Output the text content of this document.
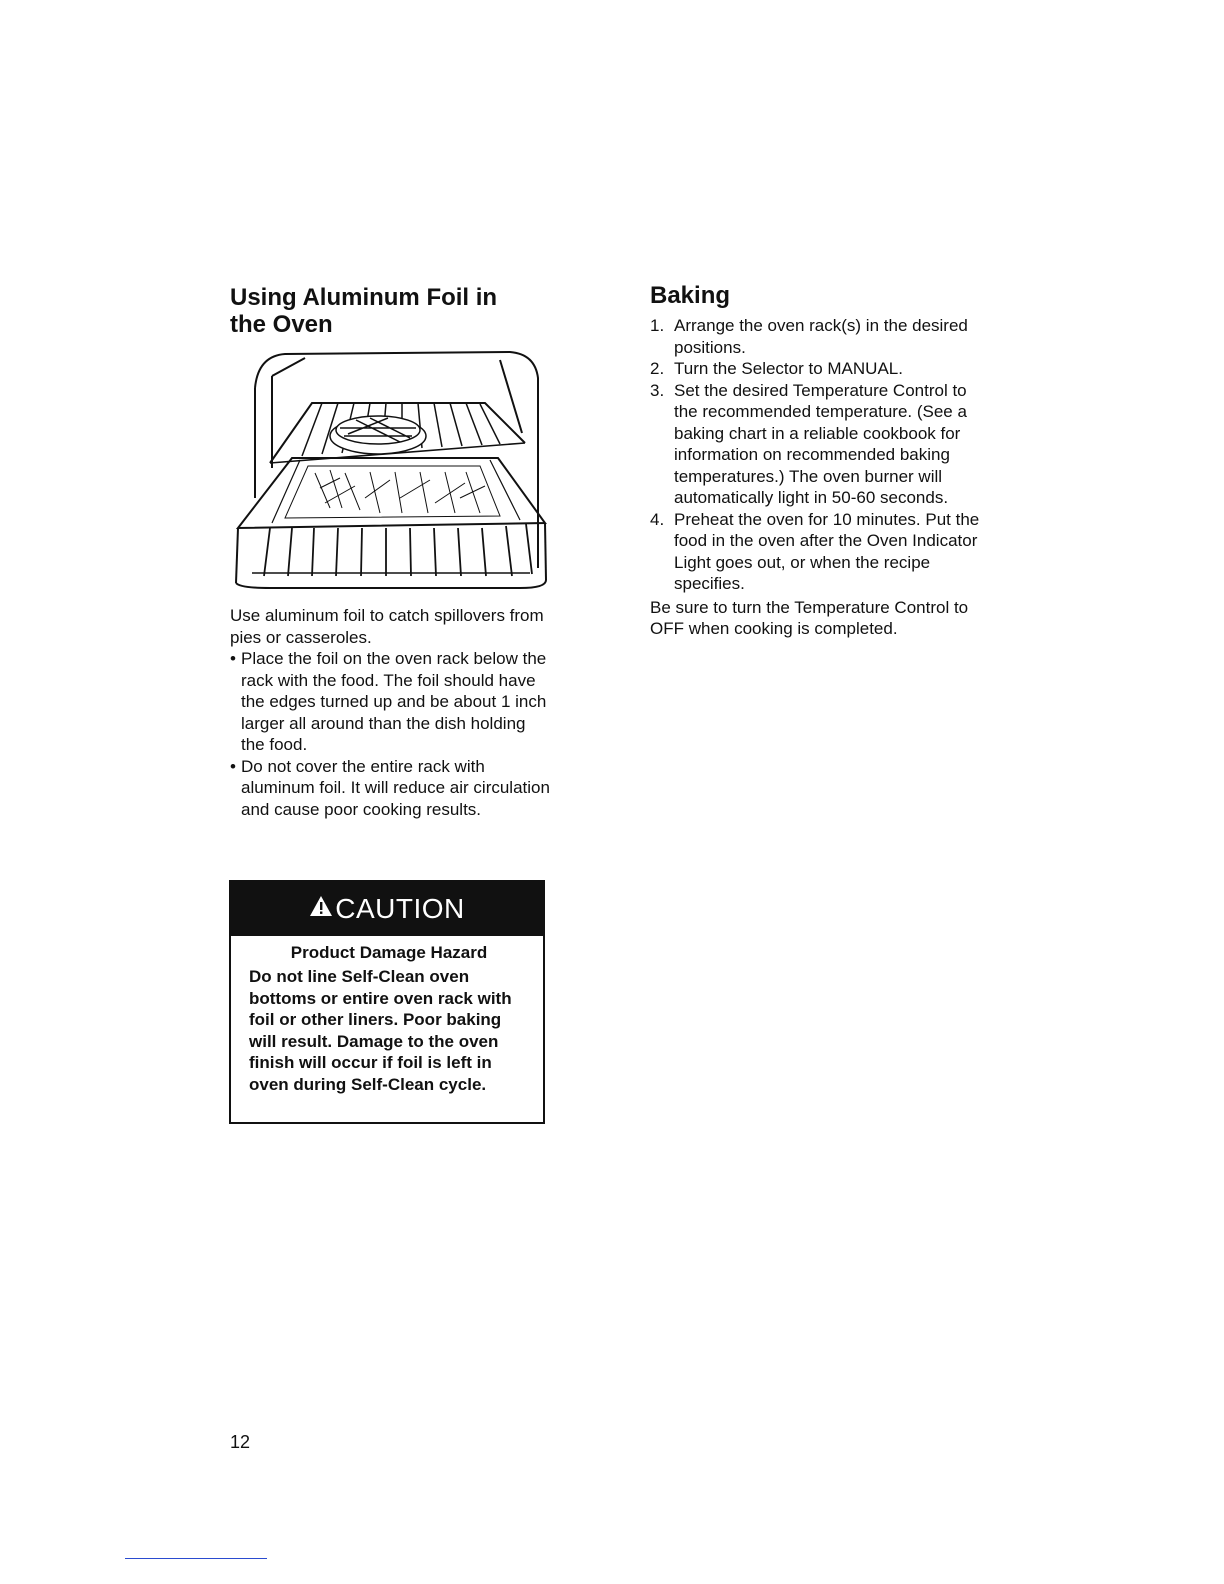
Using Aluminum Foil in the Oven

Use aluminum foil to catch spillovers from pies or casseroles.

• Place the foil on the oven rack below the rack with the food. The foil should have the edges turned up and be about 1 inch larger all around than the dish holding the food.
• Do not cover the entire rack with aluminum foil. It will reduce air circulation and cause poor cooking results.
CAUTION
Product Damage Hazard
Do not line Self-Clean oven bottoms or entire oven rack with foil or other liners. Poor baking will result. Damage to the oven finish will occur if foil is left in oven during Self-Clean cycle.
Baking
1. Arrange the oven rack(s) in the desired positions.
2. Turn the Selector to MANUAL.
3. Set the desired Temperature Control to the recommended temperature. (See a baking chart in a reliable cookbook for information on recommended baking temperatures.) The oven burner will automatically light in 50-60 seconds.
4. Preheat the oven for 10 minutes. Put the food in the oven after the Oven Indicator Light goes out, or when the recipe specifies.

Be sure to turn the Temperature Control to OFF when cooking is completed.

12
